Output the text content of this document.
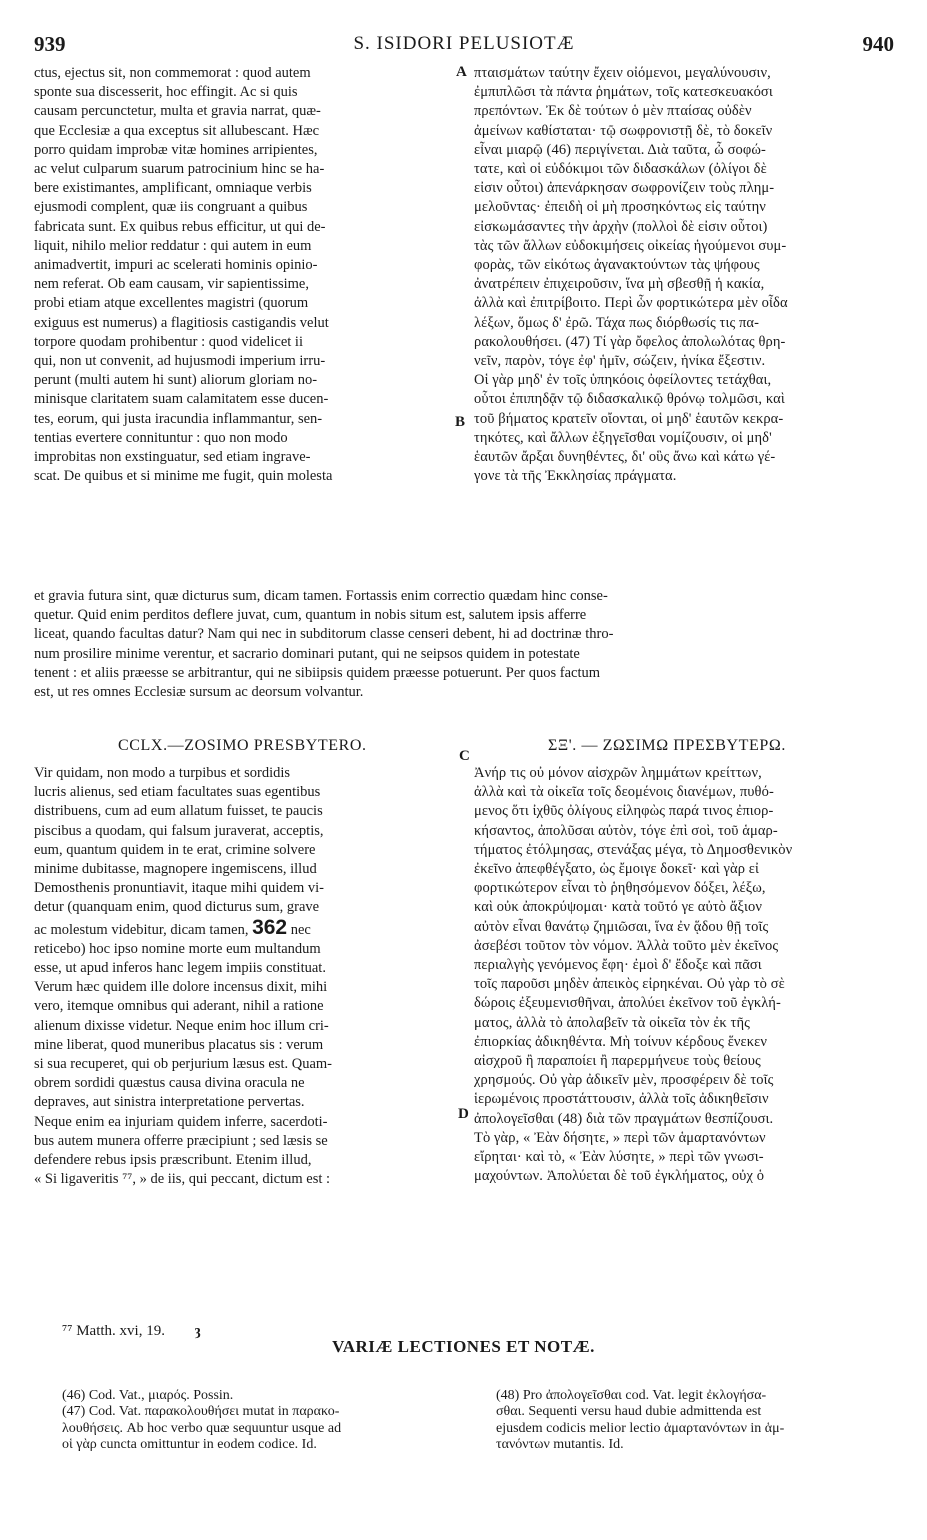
939	S. ISIDORI PELUSIOTÆ	940
ctus, ejectus sit, non commemorat : quod autem
sponte sua discesserit, hoc effingit. Ac si quis
causam percunctetur, multa et gravia narrat, quæ-
que Ecclesiæ a qua exceptus sit allubescant. Hæc
porro quidam improbæ vitæ homines arripientes,
ac velut culparum suarum patrocinium hinc se ha-
bere existimantes, amplificant, omniaque verbis
ejusmodi complent, quæ iis congruant a quibus
fabricata sunt. Ex quibus rebus efficitur, ut qui de-
liquit, nihilo melior reddatur : qui autem in eum
animadvertit, impuri ac scelerati hominis opinio-
nem referat. Ob eam causam, vir sapientissime,
probi etiam atque excellentes magistri (quorum
exiguus est numerus) a flagitiosis castigandis velut
torpore quodam prohibentur : quod videlicet ii
qui, non ut convenit, ad hujusmodi imperium irru-
perunt (multi autem hi sunt) aliorum gloriam no-
minisque claritatem suam calamitatem esse ducen-
tes, eorum, qui justa iracundia inflammantur, sen-
tentias evertere connituntur : quo non modo
improbitas non exstinguatur, sed etiam ingrave-
scat. De quibus et si minime me fugit, quin molesta
A πταισμάτων ταύτην ἔχειν οἰόμενοι, μεγαλύνουσιν,
ἐμπιπλῶσι τὰ πάντα ῥημάτων, τοῖς κατεσκευακόσι
πρεπόντων. Ἐκ δὲ τούτων ὁ μὲν πταίσας οὐδὲν
ἀμείνων καθίσταται· τῷ σωφρονιστῇ δὲ, τὸ δοκεῖν
εἶναι μιαρῷ (46) περιγίνεται. Διὰ ταῦτα, ὦ σοφώ-
τατε, καὶ οἱ εὐδόκιμοι τῶν διδασκάλων (ὀλίγοι δὲ
εἰσιν οὗτοι) ἀπενάρκησαν σωφρονίζειν τοὺς πλημ-
μελοῦντας· ἐπειδὴ οἱ μὴ προσηκόντως εἰς ταύτην
εἰσκωμάσαντες τὴν ἀρχὴν (πολλοὶ δὲ εἰσιν οὗτοι)
τὰς τῶν ἄλλων εὐδοκιμήσεις οἰκείας ἡγούμενοι συμ-
φορὰς, τῶν εἰκότως ἀγανακτούντων τὰς ψήφους
ἀνατρέπειν ἐπιχειροῦσιν, ἵνα μὴ σβεσθῇ ἡ κακία,
ἀλλὰ καὶ ἐπιτρίβοιτο. Περὶ ὧν φορτικώτερα μὲν οἶδα
λέξων, ὅμως δ' ἐρῶ. Τάχα πως διόρθωσίς τις πα-
ρακολουθήσει. (47) Τί γὰρ ὄφελος ἀπολωλότας θρη-
νεῖν, παρὸν, τόγε ἐφ' ἡμῖν, σώζειν, ἡνίκα ἔξεστιν.
Οἱ γὰρ μηδ' ἐν τοῖς ὑπηκόοις ὀφείλοντες τετάχθαι,
οὗτοι ἐπιπηδᾷν τῷ διδασκαλικῷ θρόνῳ τολμῶσι, καὶ
τοῦ βήματος κρατεῖν οἴονται, οἱ μηδ' ἑαυτῶν κεκρα-
τηκότες, καὶ ἄλλων ἐξηγεῖσθαι νομίζουσιν, οἱ μηδ'
ἑαυτῶν ἄρξαι δυνηθέντες, δι' οὓς ἄνω καὶ κάτω γέ-
γονε τὰ τῆς Ἐκκλησίας πράγματα.
B
et gravia futura sint, quæ dicturus sum, dicam tamen. Fortassis enim correctio quædam hinc conse-
quetur. Quid enim perditos deflere juvat, cum, quantum in nobis situm est, salutem ipsis afferre
liceat, quando facultas datur? Nam qui nec in subditorum classe censeri debent, hi ad doctrinæ thro-
num prosilire minime verentur, et sacrario dominari putant, qui ne seipsos quidem in potestate
tenent : et aliis præesse se arbitrantur, qui ne sibiipsis quidem præesse potuerunt. Per quos factum
est, ut res omnes Ecclesiæ sursum ac deorsum volvantur.
CCLX.—ZOSIMO PRESBYTERO.
C
ΣΞ'. — ΖΩΣΙΜΩ ΠΡΕΣΒΥΤΕΡΩ.
Vir quidam, non modo a turpibus et sordidis
lucris alienus, sed etiam facultates suas egentibus
distribuens, cum ad eum allatum fuisset, te paucis
piscibus a quodam, qui falsum juraverat, acceptis,
eum, quantum quidem in te erat, crimine solvere
minime dubitasse, magnopere ingemiscens, illud
Demosthenis pronuntiavit, itaque mihi quidem vi-
detur (quanquam enim, quod dicturus sum, grave
ac molestum videbitur, dicam tamen, 362 nec
reticebo) hoc ipso nomine morte eum multandum
esse, ut apud inferos hanc legem impiis constituat.
Verum hæc quidem ille dolore incensus dixit, mihi
vero, itemque omnibus qui aderant, nihil a ratione
alienum dixisse videtur. Neque enim hoc illum cri-
mine liberat, quod muneribus placatus sis : verum
si sua recuperet, qui ob perjurium læsus est. Quam-
obrem sordidi quæstus causa divina oracula ne
depraves, aut sinistra interpretatione pervertas.
Neque enim ea injuriam quidem inferre, sacerdoti-
bus autem munera offerre præcipiunt ; sed læsis se
defendere rebus ipsis præscribunt. Etenim illud,
« Si ligaveritis ⁷⁷, » de iis, qui peccant, dictum est :
D
Ἀνήρ τις οὐ μόνον αἰσχρῶν λημμάτων κρείττων,
ἀλλὰ καὶ τὰ οἰκεῖα τοῖς δεομένοις διανέμων, πυθό-
μενος ὅτι ἰχθῦς ὀλίγους εἰληφὼς παρά τινος ἐπιορ-
κήσαντος, ἀπολῦσαι αὐτὸν, τόγε ἐπὶ σοὶ, τοῦ ἁμαρ-
τήματος ἐτόλμησας, στενάξας μέγα, τὸ Δημοσθενικὸν
ἐκεῖνο ἀπεφθέγξατο, ὡς ἔμοιγε δοκεῖ· καὶ γὰρ εἰ
φορτικώτερον εἶναι τὸ ῥηθησόμενον δόξει, λέξω,
καὶ οὐκ ἀποκρύψομαι· κατὰ τοῦτό γε αὐτὸ ἄξιον
αὐτὸν εἶναι θανάτῳ ζημιῶσαι, ἵνα ἐν ᾅδου θῇ τοῖς
ἀσεβέσι τοῦτον τὸν νόμον. Ἀλλὰ τοῦτο μὲν ἐκεῖνος
περιαλγὴς γενόμενος ἔφη· ἐμοὶ δ' ἔδοξε καὶ πᾶσι
τοῖς παροῦσι μηδὲν ἀπεικὸς εἰρηκέναι. Οὐ γὰρ τὸ σὲ
δώροις ἐξευμενισθῆναι, ἀπολύει ἐκεῖνον τοῦ ἐγκλή-
ματος, ἀλλὰ τὸ ἀπολαβεῖν τὰ οἰκεῖα τὸν ἐκ τῆς
ἐπιορκίας ἀδικηθέντα. Μὴ τοίνυν κέρδους ἕνεκεν
αἰσχροῦ ἢ παραποίει ἢ παρερμήνευε τοὺς θείους
χρησμούς. Οὐ γὰρ ἀδικεῖν μὲν, προσφέρειν δὲ τοῖς
ἱερωμένοις προστάττουσιν, ἀλλὰ τοῖς ἀδικηθεῖσιν
ἀπολογεῖσθαι (48) διὰ τῶν πραγμάτων θεσπίζουσι.
Τὸ γὰρ, « Ἐὰν δήσητε, » περὶ τῶν ἁμαρτανόντων
εἴρηται· καὶ τὸ, « Ἐὰν λύσητε, » περὶ τῶν γνωσι-
μαχούντων. Ἀπολύεται δὲ τοῦ ἐγκλήματος, οὐχ ὁ
⁷⁷ Matth. xvi, 19. ȝ
VARIÆ LECTIONES ET NOTÆ.
(46) Cod. Vat., μιαρός. Possin.
(47) Cod. Vat. παρακολουθήσει mutat in παρακο-
λουθήσεις. Ab hoc verbo quæ sequuntur usque ad
οἱ γὰρ cuncta omittuntur in eodem codice. Id.
(48) Pro ἀπολογεῖσθαι cod. Vat. legit ἐκλογήσα-
σθαι. Sequenti versu haud dubie admittenda est
ejusdem codicis melior lectio ἁμαρτανόντων in ἁμ-
τανόντων mutantis. Id.
